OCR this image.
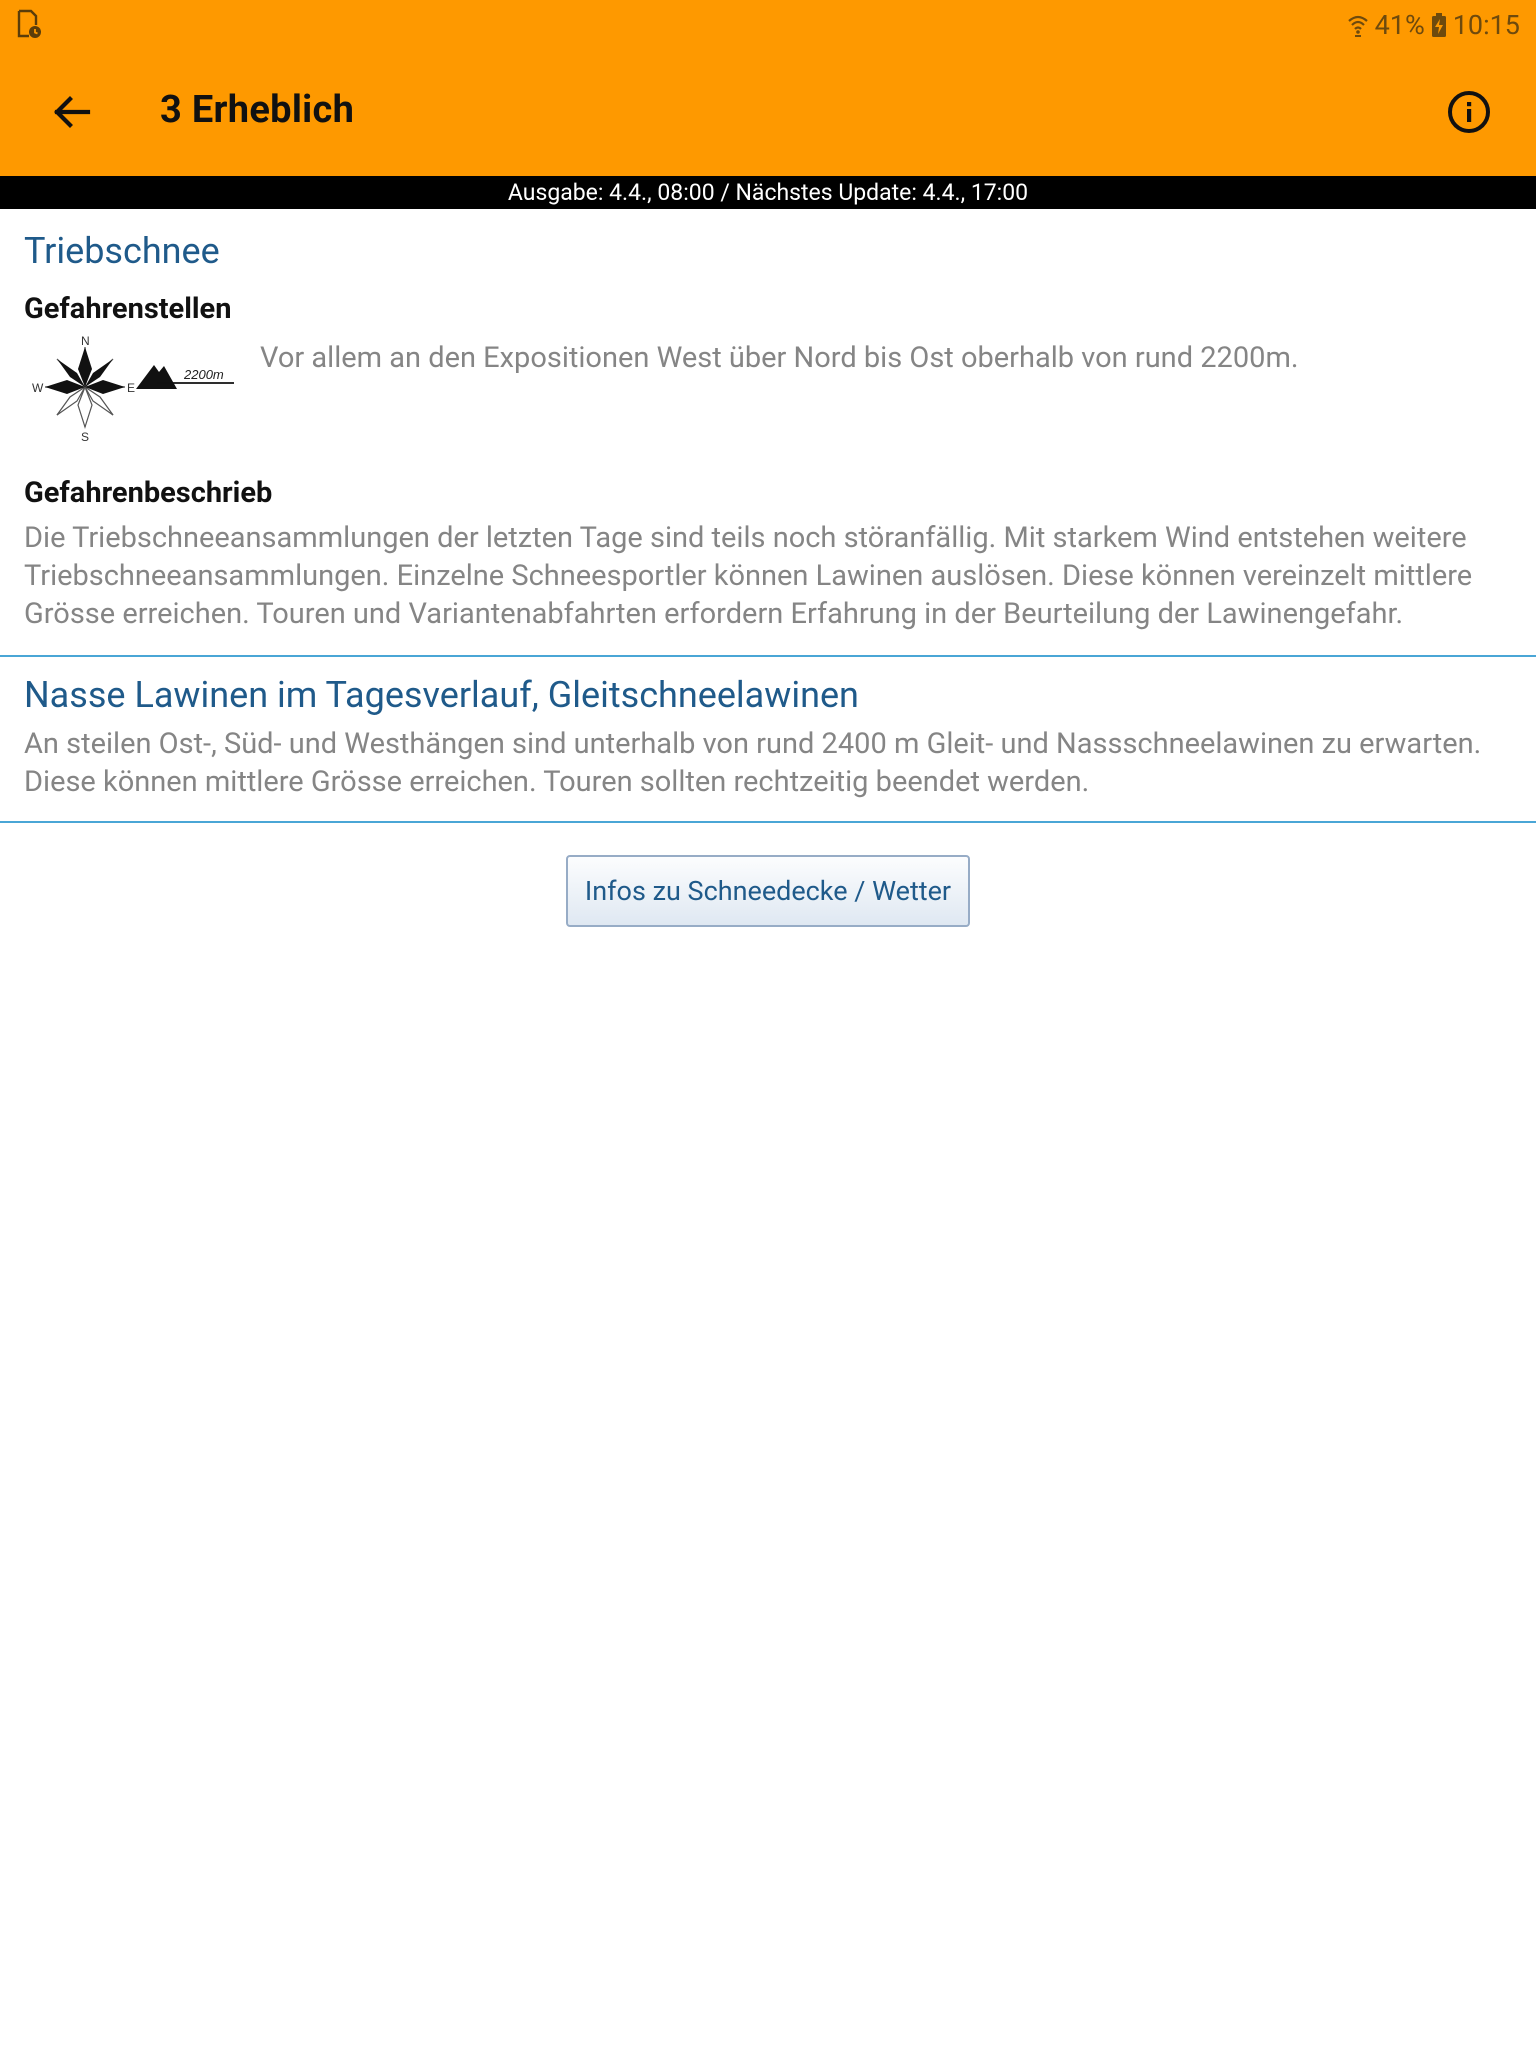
41% 10:15
3 Erheblich
Ausgabe: 4.4., 08:00 / Nächstes Update: 4.4., 17:00
Triebschnee
Gefahrenstellen
N
E
S
W
2200m Vor allem an den Expositionen West über Nord bis Ost oberhalb von rund 2200m.
Gefahrenbeschrieb
Die Triebschneeansammlungen der letzten Tage sind teils noch störanfällig. Mit starkem Wind entstehen weitere Triebschneeansammlungen. Einzelne Schneesportler können Lawinen auslösen. Diese können vereinzelt mittlere Grösse erreichen. Touren und Variantenabfahrten erfordern Erfahrung in der Beurteilung der Lawinengefahr.
Nasse Lawinen im Tagesverlauf, Gleitschneelawinen
An steilen Ost-, Süd- und Westhängen sind unterhalb von rund 2400 m Gleit- und Nassschneelawinen zu erwarten. Diese können mittlere Grösse erreichen. Touren sollten rechtzeitig beendet werden.
Infos zu Schneedecke / Wetter
